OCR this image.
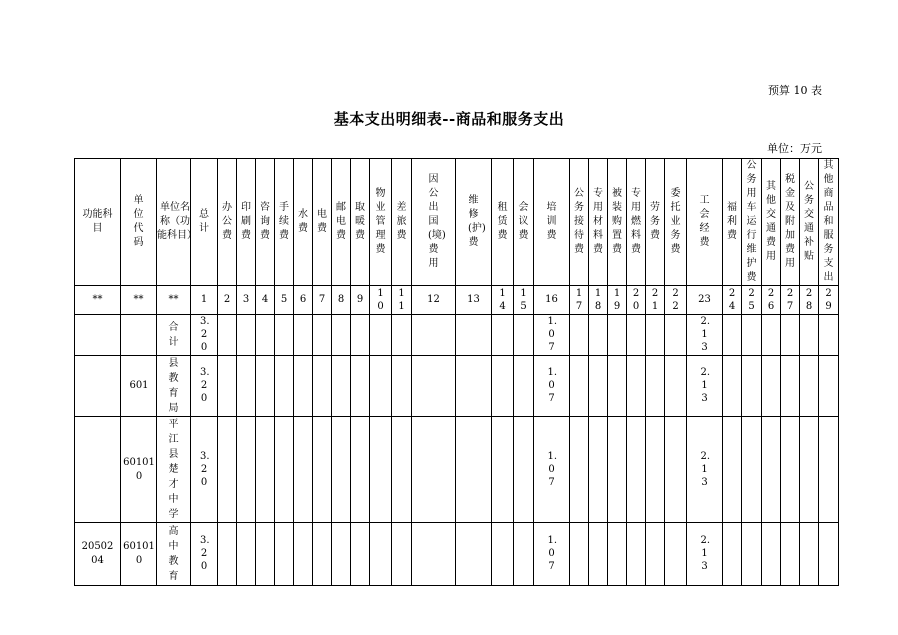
预算 10 表
基本支出明细表--商品和服务支出
单位：万元
功能科目	单位代码	单位名称（功能科目）	总计	办公费	印刷费	咨询费	手续费	水费	电费	邮电费	取暖费	物业管理费	差旅费	因公出国(境)费用	维修(护)费	租赁费	会议费	培训费	公务接待费	专用材料费	被装购置费	专用燃料费	劳务费	委托业务费	工会经费	福利费	公务用车运行维护费	其他交通费用	税金及附加费用	公务交通补贴	其他商品和服务支出
**	**	**	1	2	3	4	5	6	7	8	9	10	11	12	13	14	15	16	17	18	19	20	21	22	23	24	25	26	27	28	29
		合计	3.20															1.07							2.13						
	601	县教育局	3.20															1.07							2.13						
	601010	平江县楚才中学	3.20															1.07							2.13						
2050204	601010	高中教育	3.20															1.07							2.13						
